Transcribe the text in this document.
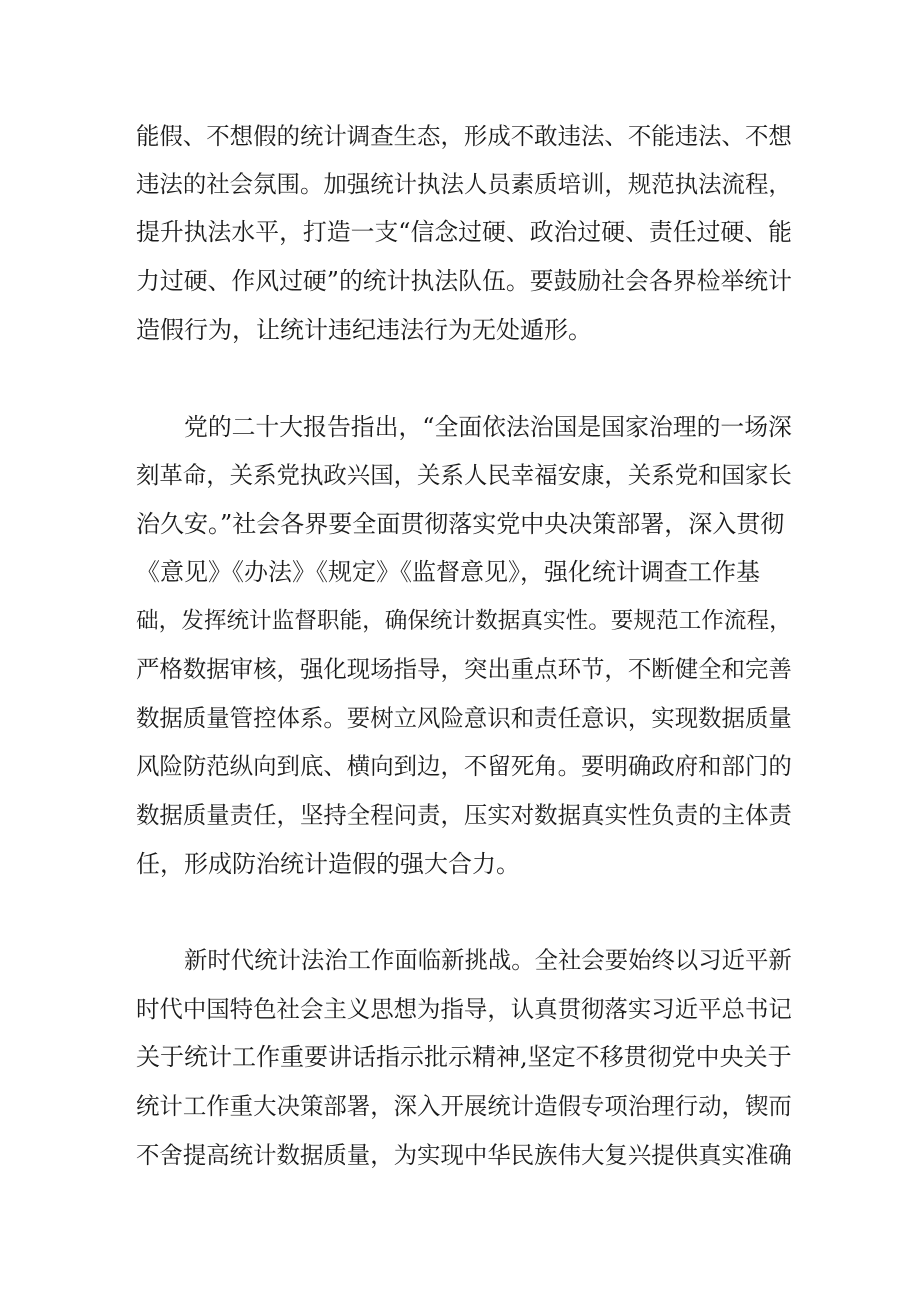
能假、不想假的统计调查生态，形成不敢违法、不能违法、不想
违法的社会氛围。加强统计执法人员素质培训，规范执法流程，
提升执法水平，打造一支“信念过硬、政治过硬、责任过硬、能
力过硬、作风过硬”的统计执法队伍。要鼓励社会各界检举统计
造假行为，让统计违纪违法行为无处遁形。
党的二十大报告指出，“全面依法治国是国家治理的一场深
刻革命，关系党执政兴国，关系人民幸福安康，关系党和国家长
治久安。”社会各界要全面贯彻落实党中央决策部署，深入贯彻
《意见》《办法》《规定》《监督意见》，强化统计调查工作基
础，发挥统计监督职能，确保统计数据真实性。要规范工作流程，
严格数据审核，强化现场指导，突出重点环节，不断健全和完善
数据质量管控体系。要树立风险意识和责任意识，实现数据质量
风险防范纵向到底、横向到边，不留死角。要明确政府和部门的
数据质量责任，坚持全程问责，压实对数据真实性负责的主体责
任，形成防治统计造假的强大合力。
新时代统计法治工作面临新挑战。全社会要始终以习近平新
时代中国特色社会主义思想为指导，认真贯彻落实习近平总书记
关于统计工作重要讲话指示批示精神,坚定不移贯彻党中央关于
统计工作重大决策部署，深入开展统计造假专项治理行动，锲而
不舍提高统计数据质量，为实现中华民族伟大复兴提供真实准确
